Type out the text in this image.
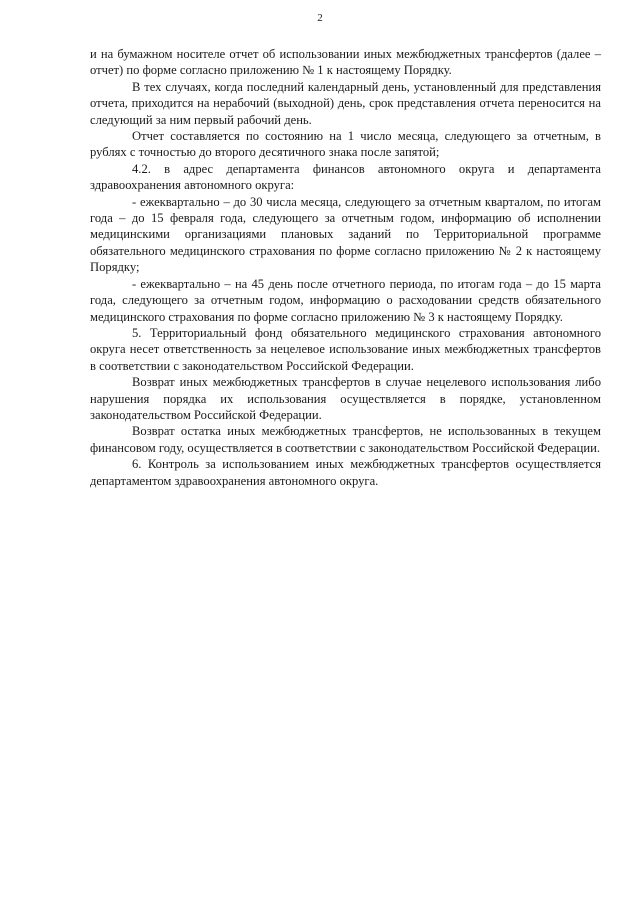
2

и на бумажном носителе отчет об использовании иных межбюджетных трансфертов (далее – отчет) по форме согласно приложению № 1 к настоящему Порядку.

В тех случаях, когда последний календарный день, установленный для представления отчета, приходится на нерабочий (выходной) день, срок представления отчета переносится на следующий за ним первый рабочий день.

Отчет составляется по состоянию на 1 число месяца, следующего за отчетным, в рублях с точностью до второго десятичного знака после запятой;

4.2. в адрес департамента финансов автономного округа и департамента здравоохранения автономного округа:

- ежеквартально – до 30 числа месяца, следующего за отчетным кварталом, по итогам года – до 15 февраля года, следующего за отчетным годом, информацию об исполнении медицинскими организациями плановых заданий по Территориальной программе обязательного медицинского страхования по форме согласно приложению № 2 к настоящему Порядку;

- ежеквартально – на 45 день после отчетного периода, по итогам года – до 15 марта года, следующего за отчетным годом, информацию о расходовании средств обязательного медицинского страхования по форме согласно приложению № 3 к настоящему Порядку.

5. Территориальный фонд обязательного медицинского страхования автономного округа несет ответственность за нецелевое использование иных межбюджетных трансфертов в соответствии с законодательством Российской Федерации.

Возврат иных межбюджетных трансфертов в случае нецелевого использования либо нарушения порядка их использования осуществляется в порядке, установленном законодательством Российской Федерации.

Возврат остатка иных межбюджетных трансфертов, не использованных в текущем финансовом году, осуществляется в соответствии с законодательством Российской Федерации.

6. Контроль за использованием иных межбюджетных трансфертов осуществляется департаментом здравоохранения автономного округа.
